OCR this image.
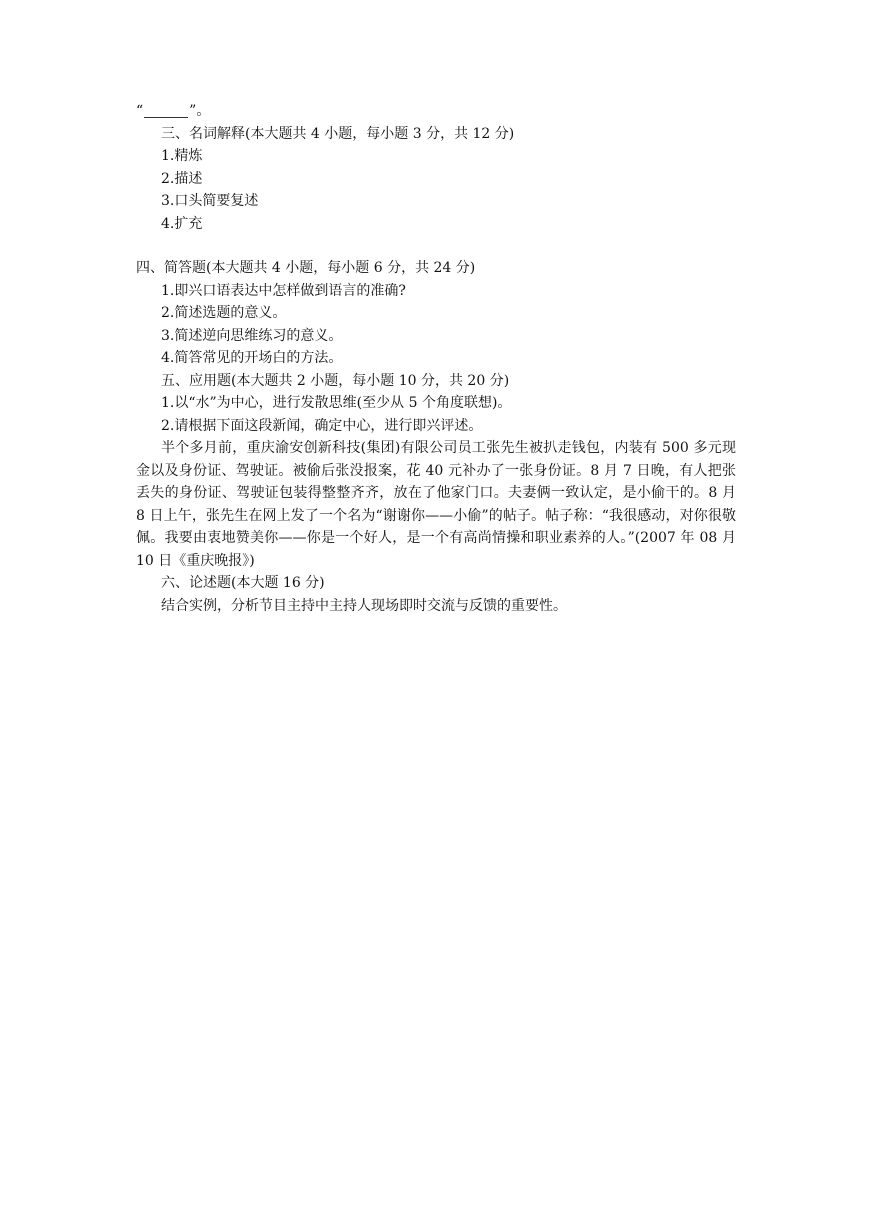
“	”。
三、名词解释(本大题共 4 小题，每小题 3 分，共 12 分)
1.精炼
2.描述
3.口头简要复述
4.扩充
四、简答题(本大题共 4 小题，每小题 6 分，共 24 分)
1.即兴口语表达中怎样做到语言的准确?
2.简述选题的意义。
3.简述逆向思维练习的意义。
4.简答常见的开场白的方法。
五、应用题(本大题共 2 小题，每小题 10 分，共 20 分)
1.以“水”为中心，进行发散思维(至少从 5 个角度联想)。
2.请根据下面这段新闻，确定中心，进行即兴评述。
半个多月前，重庆渝安创新科技(集团)有限公司员工张先生被扒走钱包，内装有 500 多元现金以及身份证、驾驶证。被偷后张没报案，花 40 元补办了一张身份证。8 月 7 日晚，有人把张丢失的身份证、驾驶证包装得整整齐齐，放在了他家门口。夫妻俩一致认定，是小偷干的。8 月 8 日上午，张先生在网上发了一个名为“谢谢你——小偷”的帖子。帖子称：“我很感动，对你很敬佩。我要由衷地赞美你——你是一个好人，是一个有高尚情操和职业素养的人。”(2007 年 08 月 10 日《重庆晚报》)
六、论述题(本大题 16 分)
结合实例，分析节目主持中主持人现场即时交流与反馈的重要性。
